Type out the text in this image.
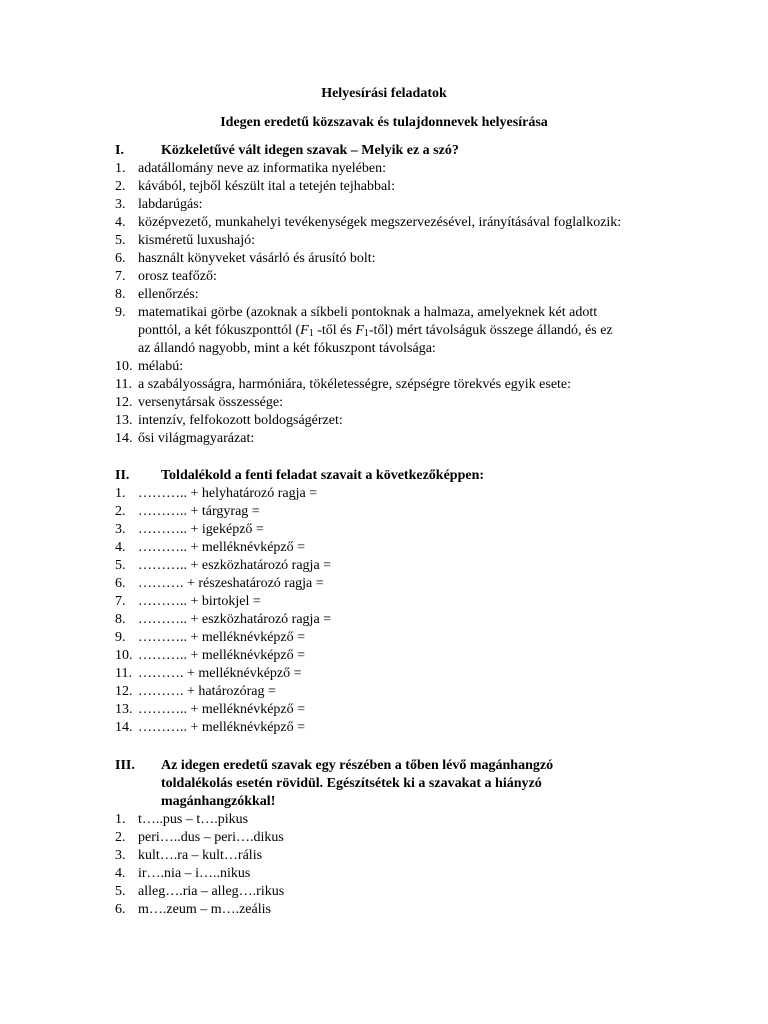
Helyesírási feladatok
Idegen eredetű közszavak és tulajdonnevek helyesírása
I.	Közkeletűvé vált idegen szavak – Melyik ez a szó?
1. adatállomány neve az informatika nyelében:
2. kávából, tejből készült ital a tetején tejhabbal:
3. labdarúgás:
4. középvezető, munkahelyi tevékenységek megszervezésével, irányításával foglalkozik:
5. kisméretű luxushajó:
6. használt könyveket vásárló és árusító bolt:
7. orosz teafőző:
8. ellenőrzés:
9. matematikai görbe (azoknak a síkbeli pontoknak a halmaza, amelyeknek két adott
ponttól, a két fókuszponttól ($F_1$ -től és $F_1-től$) mért távolságuk összege állandó, és ez
az állandó nagyobb, mint a két fókuszpont távolsága:
10. mélabú:
11. a szabályosságra, harmóniára, tökéletességre, szépségre törekvés egyik esete:
12. versenytársak összessége:
13. intenzív, felfokozott boldogságérzet:
14. ősi világmagyarázat:
II. Toldalékold a fenti feladat szavait a következőképpen:
1. ……….. + helyhatározó ragja =
2. ……….. + tárgyrag =
3. ……….. + igeképző =
4. ……….. + melléknévképző =
5. ……….. + eszközhatározó ragja =
6. ………. + részeshatározó ragja =
7. ……….. + birtokjel =
8. ……….. + eszközhatározó ragja =
9. ……….. + melléknévképző =
10. ……….. + melléknévképző =
11. ………. + melléknévképző =
12. ………. + határozórag =
13. ……….. + melléknévképző =
14. ……….. + melléknévképző =
III. Az idegen eredetű szavak egy részében a tőben lévő magánhangzó
toldalékolás esetén rövidül. Egészítsétek ki a szavakat a hiányzó
magánhangzókkal!
1. t…..pus – t….pikus
2. peri…..dus – peri….dikus
3. kult….ra – kult…rális
4. ir….nia – i…..nikus
5. alleg….ria – alleg….rikus
6. m….zeum – m….zeális
